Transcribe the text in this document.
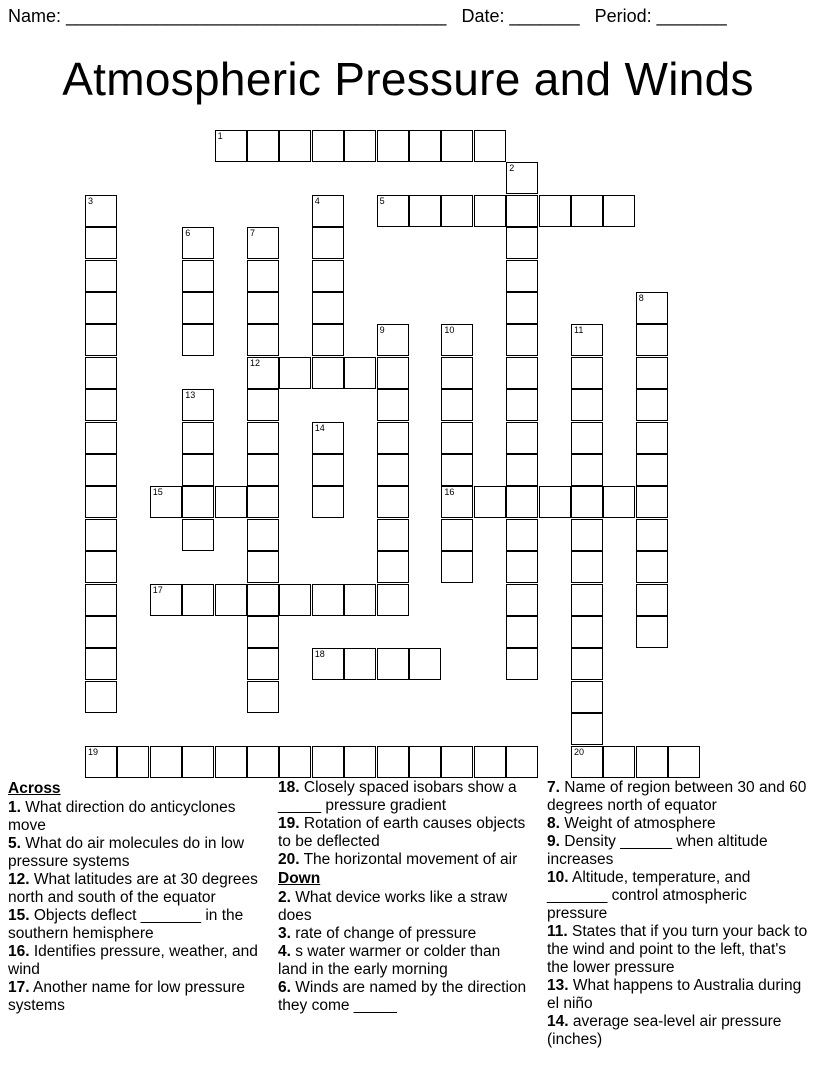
Name: ______________________________________ Date: _______ Period: _______
Atmospheric Pressure and Winds
1
5
12
15	16
17
18
19	20
2
3	4
6	7
8
9	10	11
13
14
Across
1. What direction do anticyclones move
5. What do air molecules do in low pressure systems
12. What latitudes are at 30 degrees north and south of the equator
15. Objects deflect _______ in the southern hemisphere
16. Identifies pressure, weather, and wind
17. Another name for low pressure systems
18. Closely spaced isobars show a _____ pressure gradient
19. Rotation of earth causes objects to be deflected
20. The horizontal movement of air
Down
2. What device works like a straw does
3. rate of change of pressure
4. s water warmer or colder than land in the early morning
6. Winds are named by the direction they come _____
7. Name of region between 30 and 60 degrees north of equator
8. Weight of atmosphere
9. Density ______ when altitude increases
10. Altitude, temperature, and _______ control atmospheric pressure
11. States that if you turn your back to the wind and point to the left, that's the lower pressure
13. What happens to Australia during el niño
14. average sea-level air pressure (inches)
